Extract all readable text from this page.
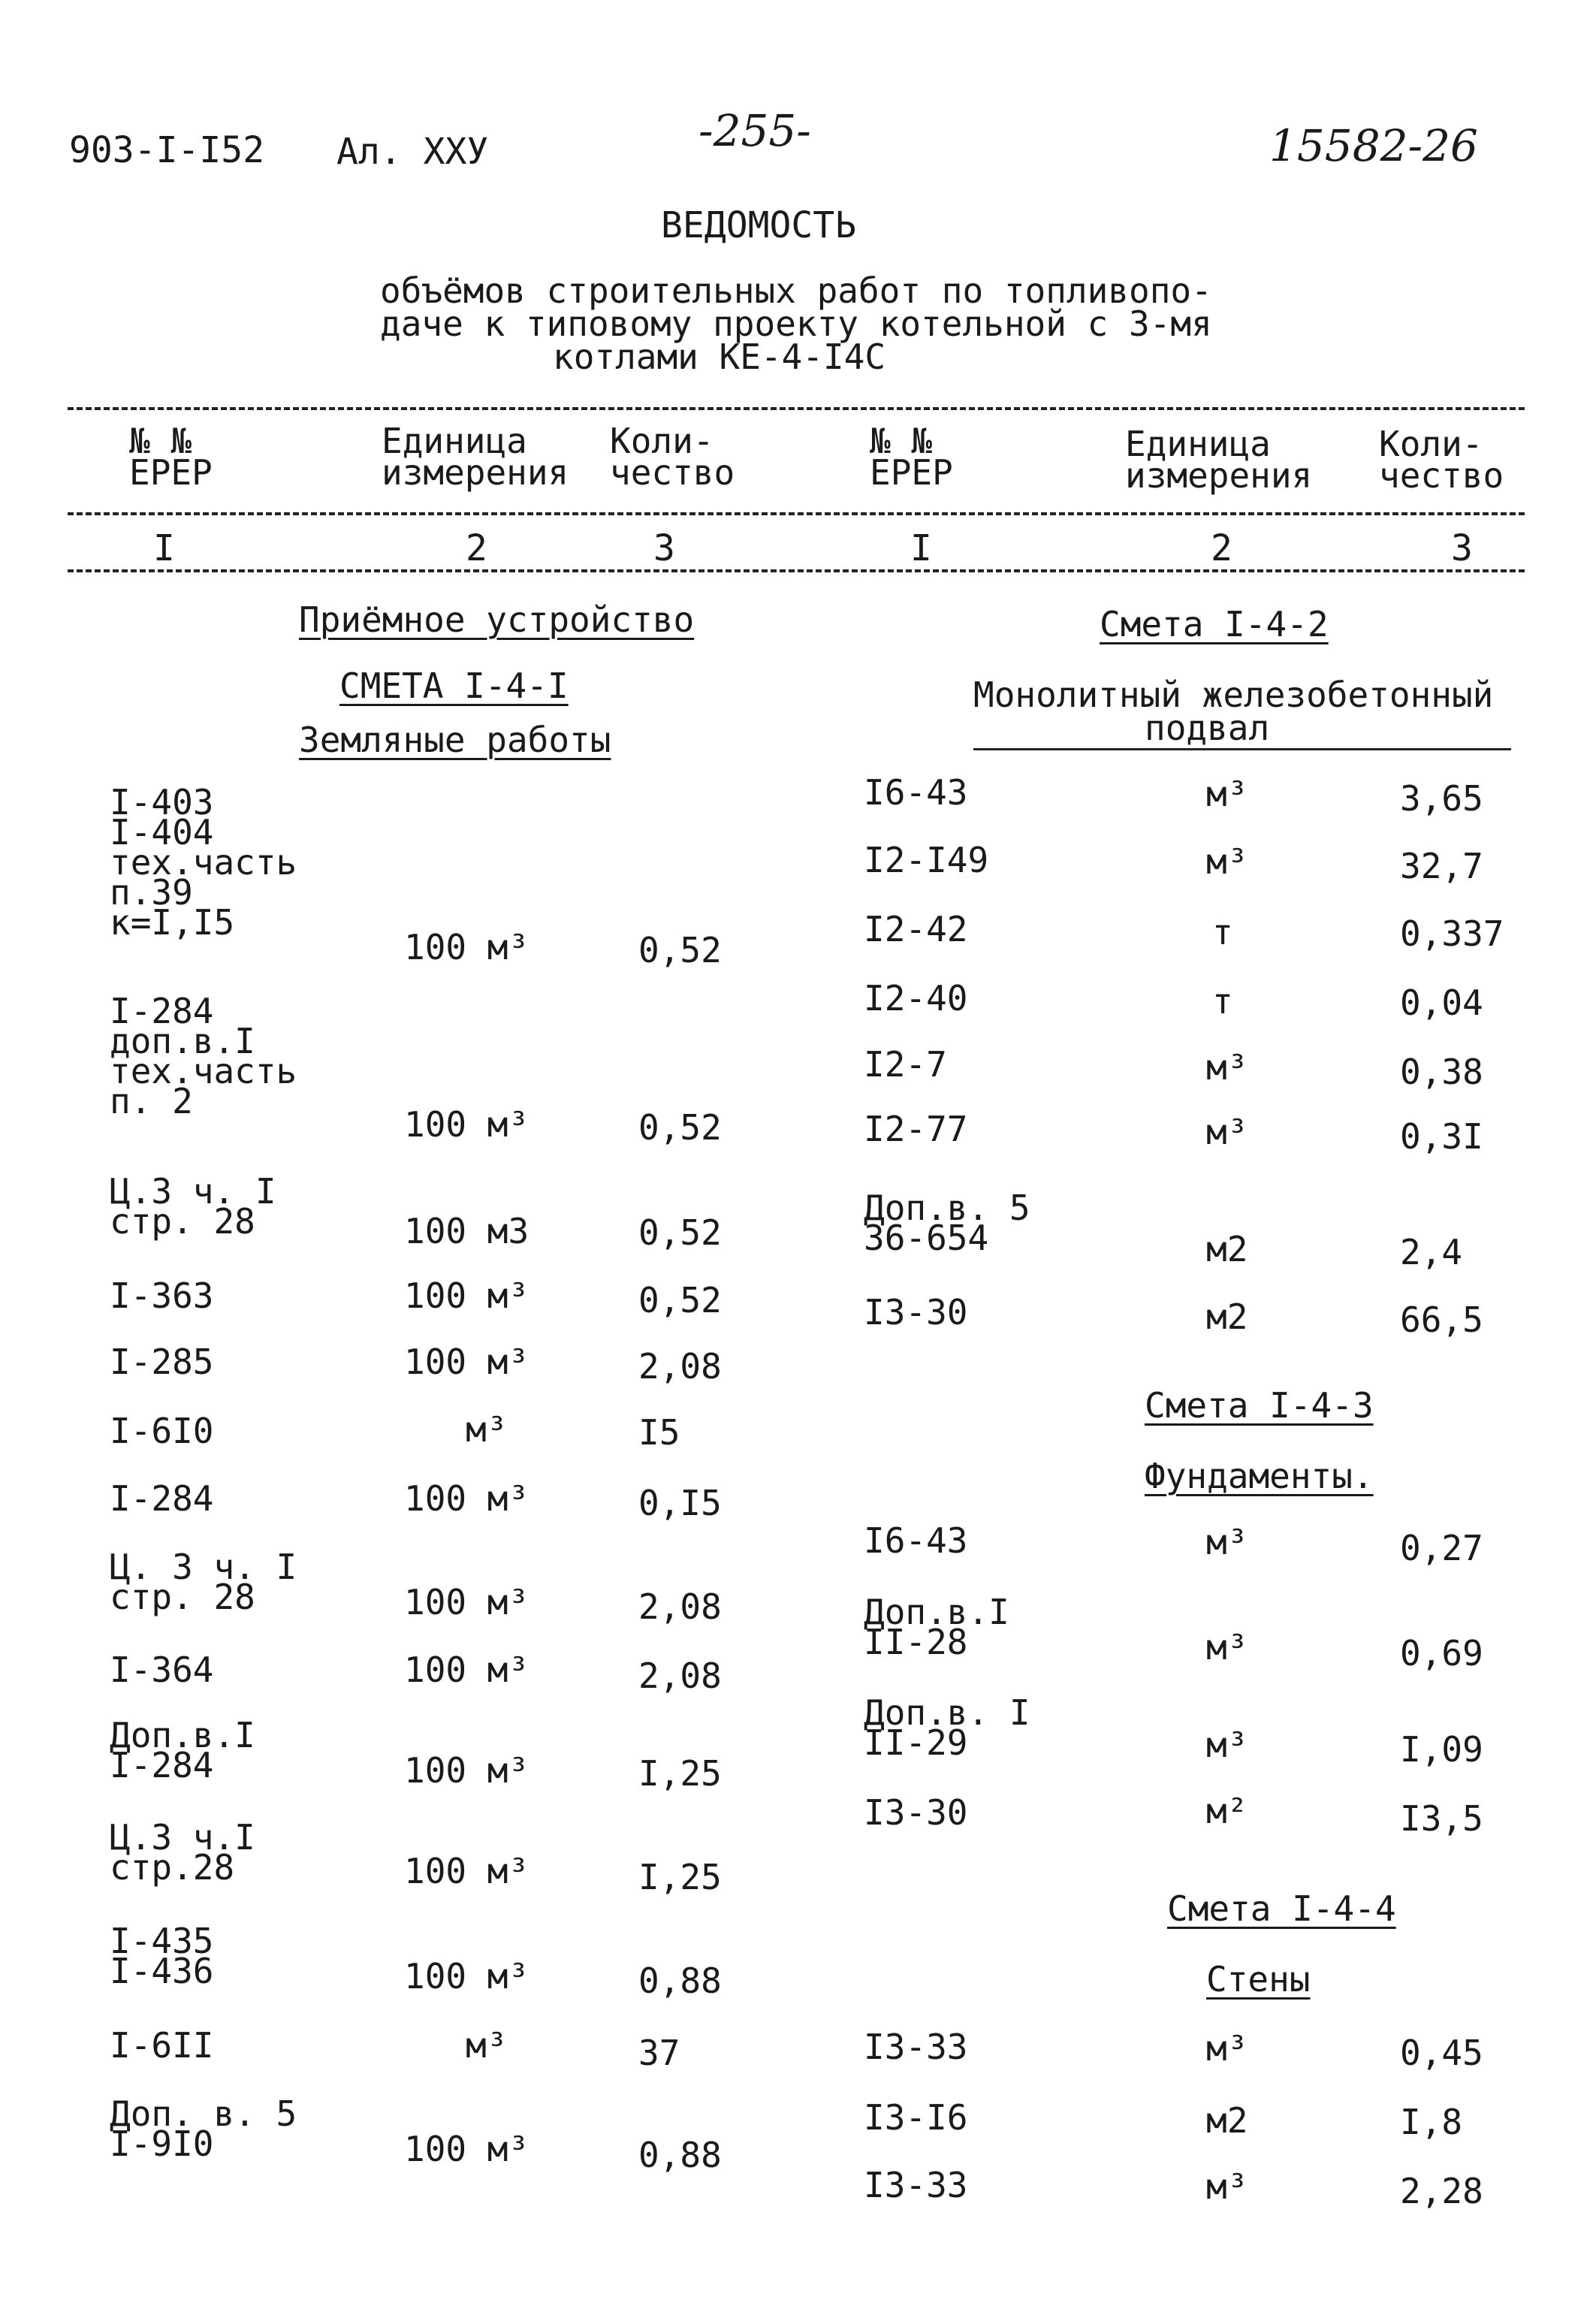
903-I-I52 Ал. ХХУ	-255-	15582-26
ВЕДОМОСТЬ
объёмов строительных работ по топливопо-
даче к типовому проекту котельной с 3-мя
котлами КЕ-4-I4С
№ №
ЕРЕР
Единица
измерения
Коли-
чество
№ №
ЕРЕР
Единица
измерения
Коли-
чество
I	2	3	I	2	3
Приёмное устройство
СМЕТА I-4-I
Земляные работы
I-403
I-404
тех.часть
п.39
к=I,I5
100 м³	0,52
I-284
доп.в.I
тех.часть
п. 2
100 м³	0,52
Ц.3 ч. I
стр. 28	100 м3	0,52
I-363	100 м³	0,52
I-285	100 м³	2,08
I-6I0	м³	I5
I-284	100 м³	0,I5
Ц. 3 ч. I
стр. 28	100 м³	2,08
I-364	100 м³	2,08
Доп.в.I
I-284	100 м³	I,25
Ц.3 ч.I
стр.28	100 м³	I,25
I-435
I-436	100 м³	0,88
I-6II	м³	37
Доп. в. 5
I-9I0	100 м³	0,88
Смета I-4-2
Монолитный железобетонный
подвал
I6-43	м³	3,65
I2-I49	м³	32,7
I2-42	т	0,337
I2-40	т	0,04
I2-7	м³	0,38
I2-77	м³	0,3I
Доп.в. 5
36-654	м2	2,4
I3-30	м2	66,5
Смета I-4-3
Фундаменты.
I6-43	м³	0,27
Доп.в.I
II-28	м³	0,69
Доп.в. I
II-29	м³	I,09
I3-30	м²	I3,5
Смета I-4-4
Стены
I3-33	м³	0,45
I3-I6	м2	I,8
I3-33	м³	2,28
